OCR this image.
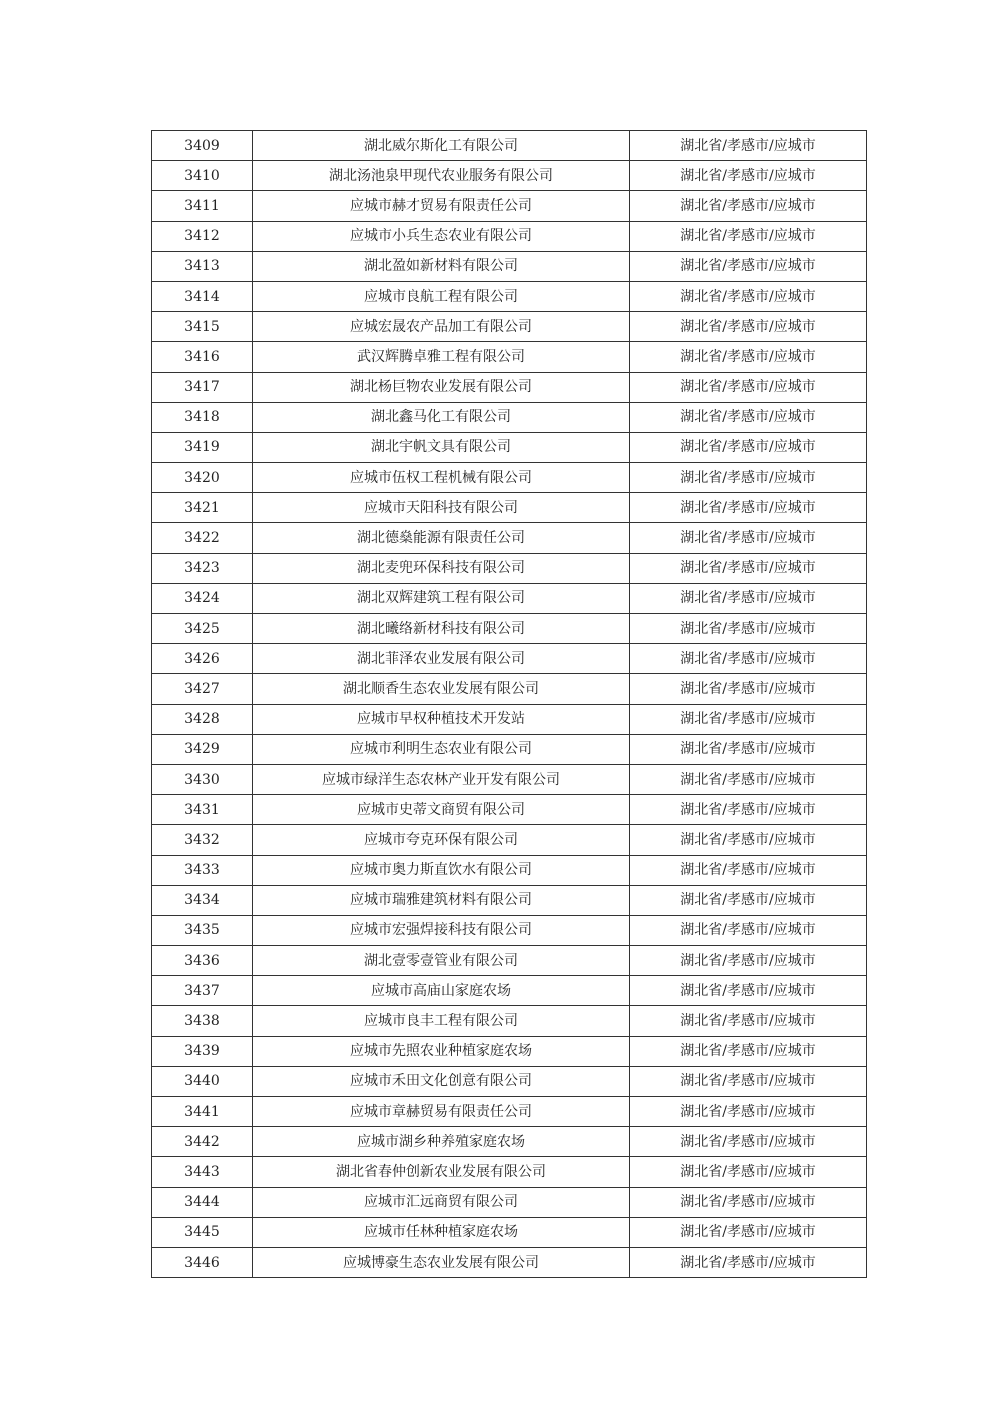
3409	湖北威尔斯化工有限公司	湖北省/孝感市/应城市
3410	湖北汤池泉甲现代农业服务有限公司	湖北省/孝感市/应城市
3411	应城市赫才贸易有限责任公司	湖北省/孝感市/应城市
3412	应城市小兵生态农业有限公司	湖北省/孝感市/应城市
3413	湖北盈如新材料有限公司	湖北省/孝感市/应城市
3414	应城市良航工程有限公司	湖北省/孝感市/应城市
3415	应城宏晟农产品加工有限公司	湖北省/孝感市/应城市
3416	武汉辉腾卓雅工程有限公司	湖北省/孝感市/应城市
3417	湖北杨巨物农业发展有限公司	湖北省/孝感市/应城市
3418	湖北鑫马化工有限公司	湖北省/孝感市/应城市
3419	湖北宇帆文具有限公司	湖北省/孝感市/应城市
3420	应城市伍权工程机械有限公司	湖北省/孝感市/应城市
3421	应城市天阳科技有限公司	湖北省/孝感市/应城市
3422	湖北德燊能源有限责任公司	湖北省/孝感市/应城市
3423	湖北麦兜环保科技有限公司	湖北省/孝感市/应城市
3424	湖北双辉建筑工程有限公司	湖北省/孝感市/应城市
3425	湖北曦络新材科技有限公司	湖北省/孝感市/应城市
3426	湖北菲泽农业发展有限公司	湖北省/孝感市/应城市
3427	湖北顺香生态农业发展有限公司	湖北省/孝感市/应城市
3428	应城市早权种植技术开发站	湖北省/孝感市/应城市
3429	应城市利明生态农业有限公司	湖北省/孝感市/应城市
3430	应城市绿洋生态农林产业开发有限公司	湖北省/孝感市/应城市
3431	应城市史蒂文商贸有限公司	湖北省/孝感市/应城市
3432	应城市夸克环保有限公司	湖北省/孝感市/应城市
3433	应城市奥力斯直饮水有限公司	湖北省/孝感市/应城市
3434	应城市瑞雅建筑材料有限公司	湖北省/孝感市/应城市
3435	应城市宏强焊接科技有限公司	湖北省/孝感市/应城市
3436	湖北壹零壹管业有限公司	湖北省/孝感市/应城市
3437	应城市高庙山家庭农场	湖北省/孝感市/应城市
3438	应城市良丰工程有限公司	湖北省/孝感市/应城市
3439	应城市先照农业种植家庭农场	湖北省/孝感市/应城市
3440	应城市禾田文化创意有限公司	湖北省/孝感市/应城市
3441	应城市章赫贸易有限责任公司	湖北省/孝感市/应城市
3442	应城市湖乡种养殖家庭农场	湖北省/孝感市/应城市
3443	湖北省春仲创新农业发展有限公司	湖北省/孝感市/应城市
3444	应城市汇远商贸有限公司	湖北省/孝感市/应城市
3445	应城市任林种植家庭农场	湖北省/孝感市/应城市
3446	应城博豪生态农业发展有限公司	湖北省/孝感市/应城市
